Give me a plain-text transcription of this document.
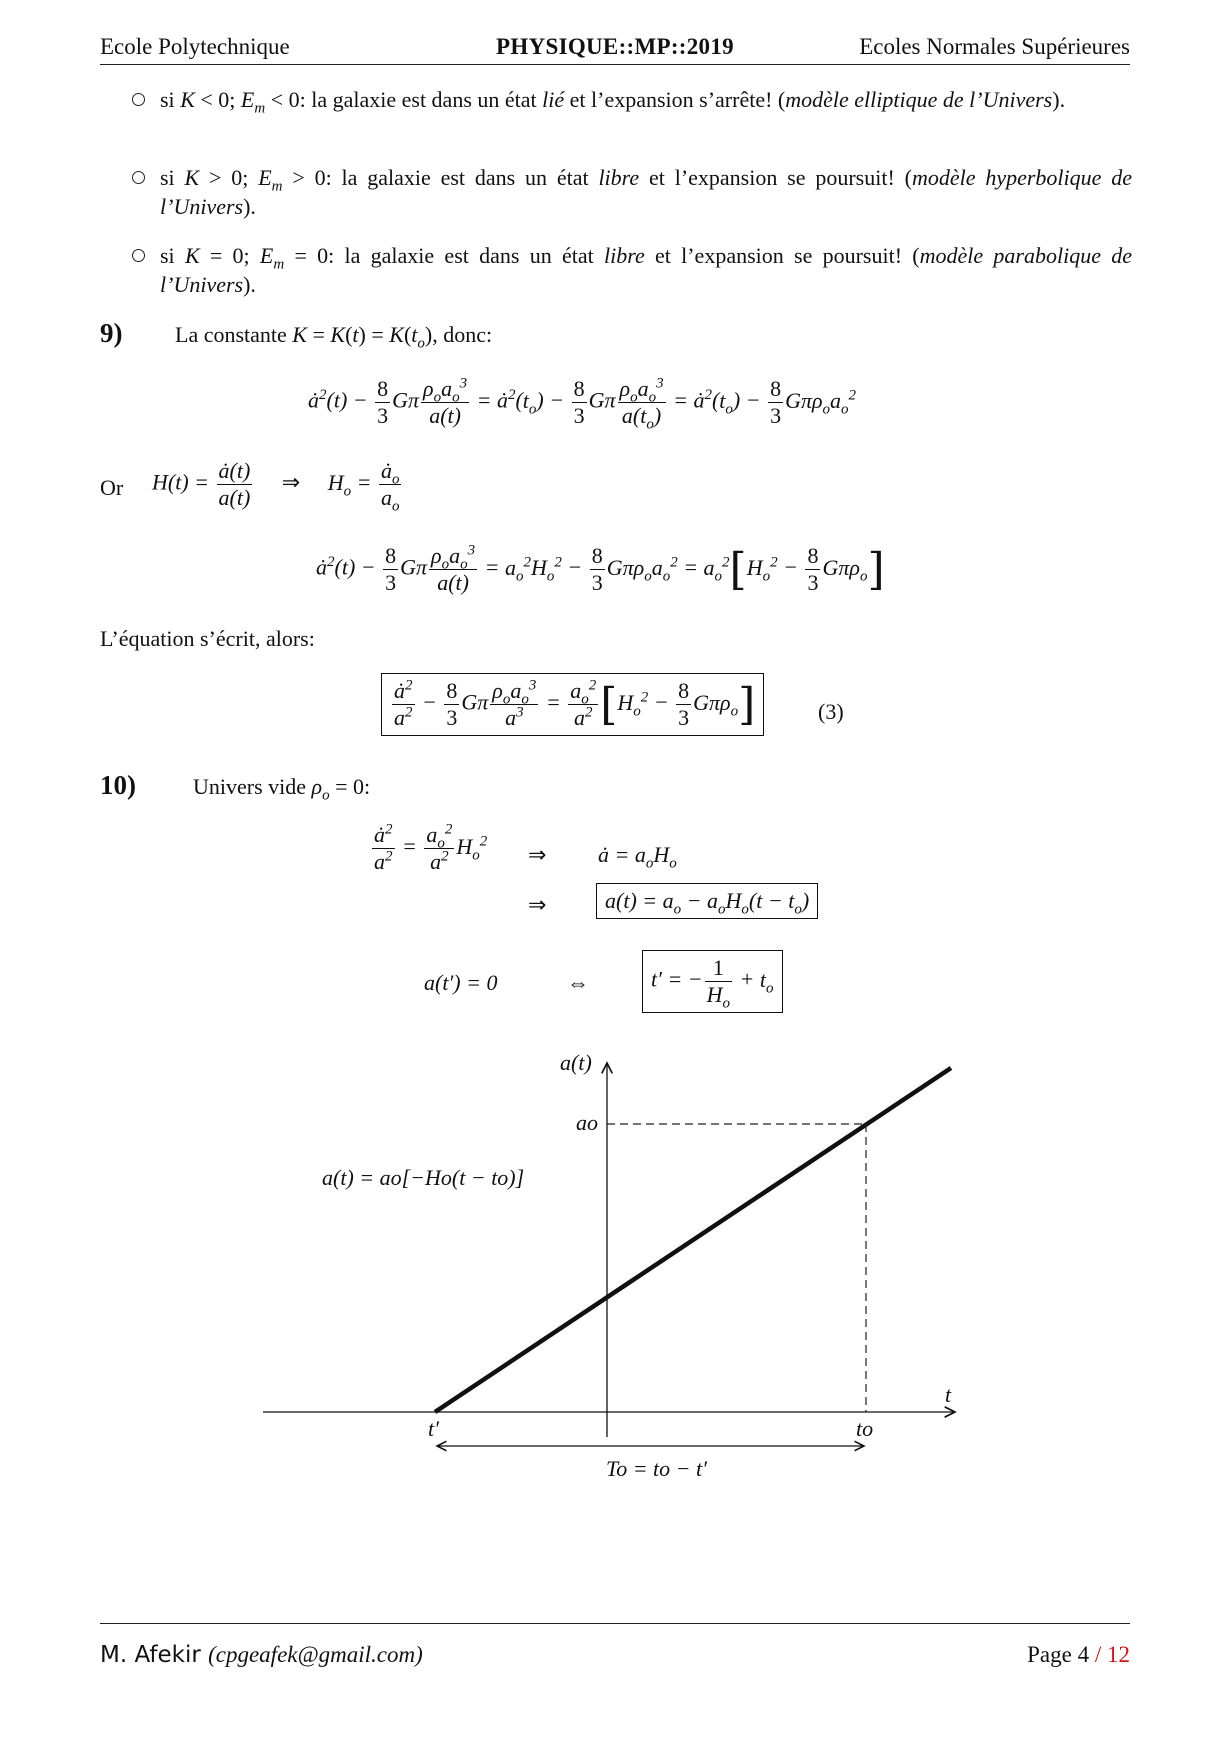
Ecole Polytechnique	PHYSIQUE::MP::2019	Ecoles Normales Supérieures
si K < 0; $E_m < 0$: la galaxie est dans un état lié et l’expansion s’arrête! (modèle elliptique de l’Univers).
si K > 0; $E_m > 0$: la galaxie est dans un état libre et l’expansion se poursuit! (modèle hyperbolique de l’Univers).
si K = 0; $E_m = 0$: la galaxie est dans un état libre et l’expansion se poursuit! (modèle parabolique de l’Univers).
9) La constante $K = K(t) = K(t_o)$, donc:
$ȧ^2(t) - \frac{8}{3}$ Gπ $\frac{\rho_oa_o^3}{a(t)}$ = $ȧ^2(t_o) - \frac{8}{3}$ Gπ $\frac{\rho_oa_o^3}{a(t_o)}$ = $ȧ^2(t_o) - \frac{8}{3} G\pi\rho_oa_o^2$
Or $H(t) = \frac{ȧ(t)}{a(t)}$ ⇒ $H_o = \frac{ȧ_o}{a_o}$
$ȧ^2(t) - \frac{8}{3}$ Gπ $\frac{\rho_oa_o^3}{a(t)} = a_o^2H_o^2 - \frac{8}{3} G\pi\rho_oa_o^2 = a_o^2[H_o^2 - \frac{8}{3} G\pi\rho_o]$
L’équation s’écrit, alors:
$\frac{ȧ^2}{a^2} - \frac{8}{3}$ Gπ $\frac{\rho_oa_o^3}{a^3} = \frac{a_o^2}{a^2} [H_o^2 - \frac{8}{3} G\pi\rho_o]$	(3)
10)	Univers vide $\rho_o = 0$:
$\frac{ȧ^2}{a^2} = \frac{a_o^2}{a^2} H_o^2$
⇒ ȧ = $a_oH_o$
⇒	$a(t) = a_o - a_oH_o(t - t_o)$
a(t′) = 0	⇔	t′ = − $\frac{1}{H_o} + t_o$
a(t)
t
ao
t′	to
To = to − t′
a(t) = ao[−Ho(t − to)]
M. Afekir (cpgeafek@gmail.com)	Page 4 / 12
